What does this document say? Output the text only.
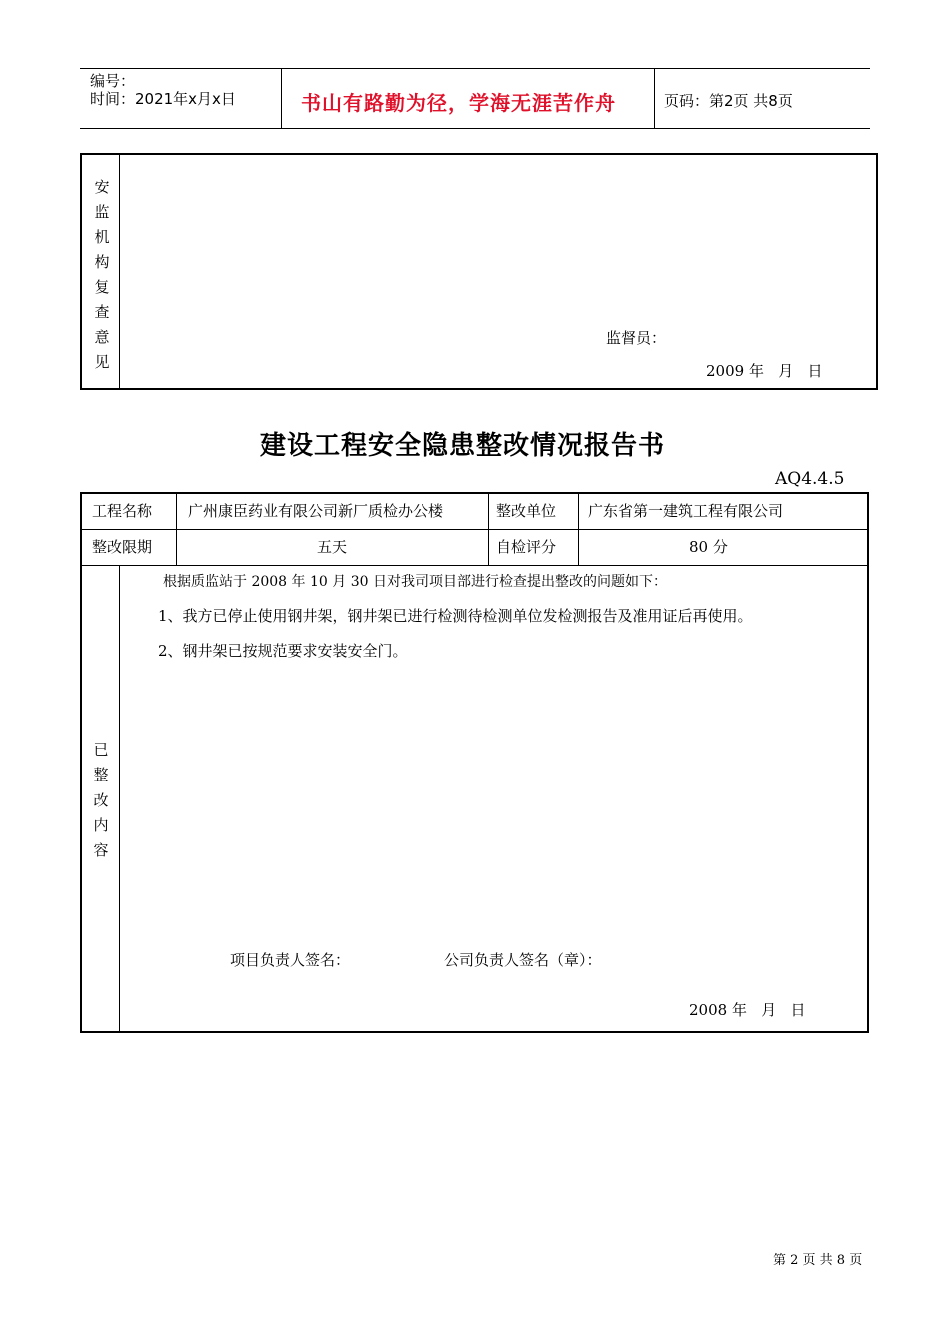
编号：
时间：2021年x月x日	书山有路勤为径，学海无涯苦作舟	页码：第2页 共8页
安
监
机
构
复
查
意
见
监督员：
2009 年   月   日
建设工程安全隐患整改情况报告书
AQ4.4.5
工程名称 广州康臣药业有限公司新厂质检办公楼	整改单位 广东省第一建筑工程有限公司
整改限期	五天	自检评分	80 分
已
整
改
内
容
根据质监站于 2008 年 10 月 30 日对我司项目部进行检查提出整改的问题如下：
1、我方已停止使用钢井架，钢井架已进行检测待检测单位发检测报告及准用证后再使用。
2、钢井架已按规范要求安装安全门。
项目负责人签名：	公司负责人签名（章）：
2008 年   月   日
第 2 页 共 8 页
